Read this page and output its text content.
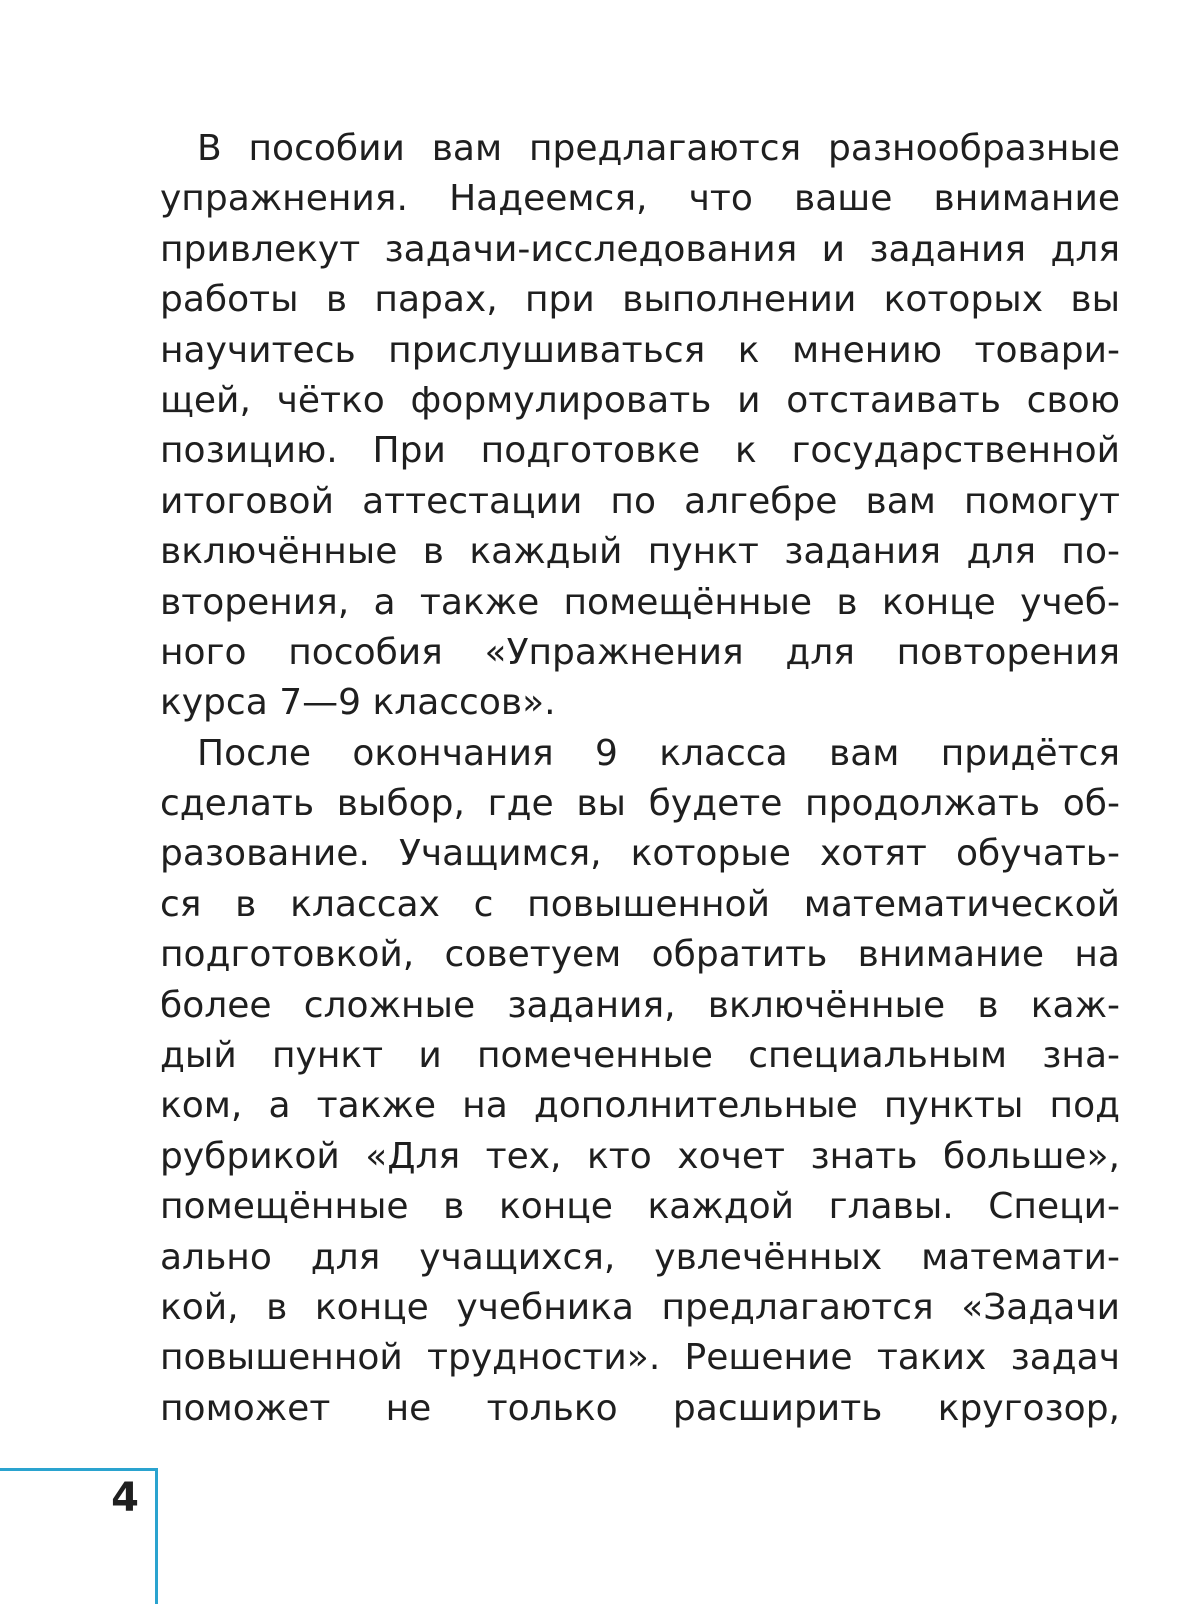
В пособии вам предлагаются разнообразные
упражнения. Надеемся, что ваше внимание
привлекут задачи-исследования и задания для
работы в парах, при выполнении которых вы
научитесь прислушиваться к мнению товари-
щей, чётко формулировать и отстаивать свою
позицию. При подготовке к государственной
итоговой аттестации по алгебре вам помогут
включённые в каждый пункт задания для по-
вторения, а также помещённые в конце учеб-
ного пособия «Упражнения для повторения
курса 7—9 классов».
После окончания 9 класса вам придётся
сделать выбор, где вы будете продолжать об-
разование. Учащимся, которые хотят обучать-
ся в классах с повышенной математической
подготовкой, советуем обратить внимание на
более сложные задания, включённые в каж-
дый пункт и помеченные специальным зна-
ком, а также на дополнительные пункты под
рубрикой «Для тех, кто хочет знать больше»,
помещённые в конце каждой главы. Специ-
ально для учащихся, увлечённых математи-
кой, в конце учебника предлагаются «Задачи
повышенной трудности». Решение таких задач
поможет не только расширить кругозор,
4
